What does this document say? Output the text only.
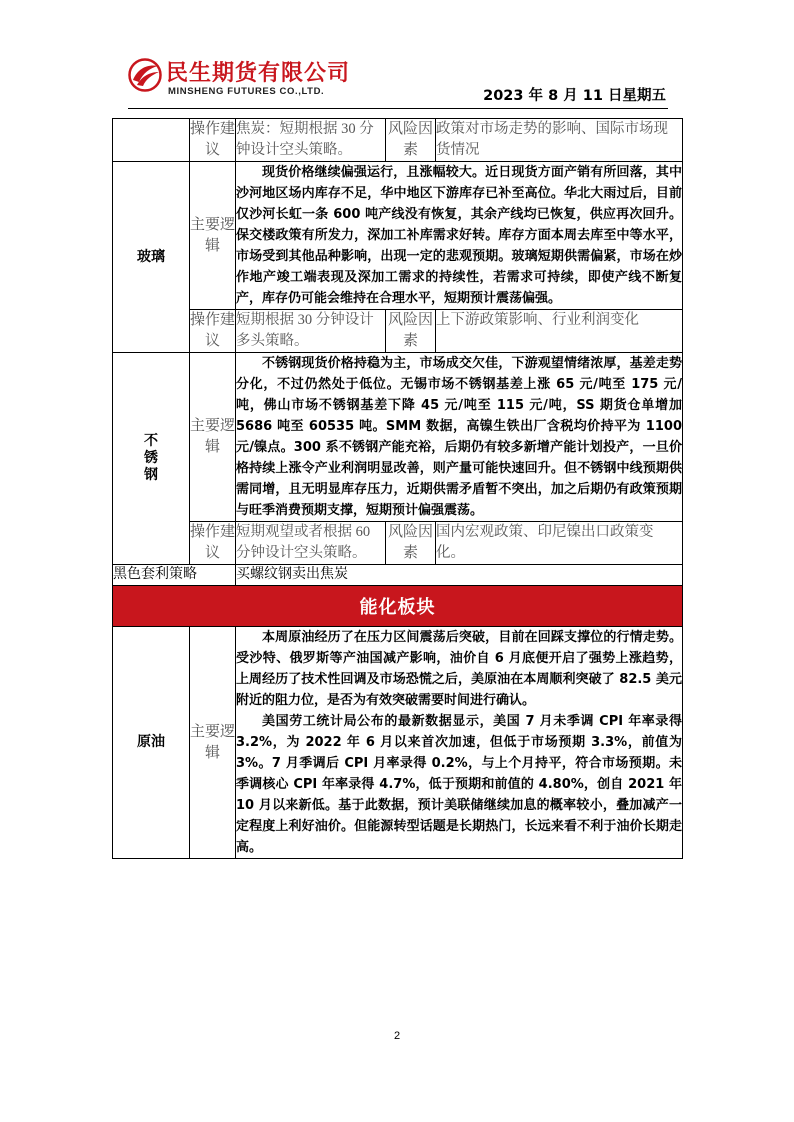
民生期货有限公司
MINSHENG FUTURES CO.,LTD.	2023 年 8 月 11 日星期五
	操作建议	焦炭：短期根据 30 分钟设计空头策略。	风险因素	政策对市场走势的影响、国际市场现货情况
玻璃	主要逻辑	现货价格继续偏强运行，且涨幅较大。近日现货方面产销有所回落，其中沙河地区场内库存不足，华中地区下游库存已补至高位。华北大雨过后，目前仅沙河长虹一条 600 吨产线没有恢复，其余产线均已恢复，供应再次回升。保交楼政策有所发力，深加工补库需求好转。库存方面本周去库至中等水平，市场受到其他品种影响，出现一定的悲观预期。玻璃短期供需偏紧，市场在炒作地产竣工端表现及深加工需求的持续性，若需求可持续，即使产线不断复产，库存仍可能会维持在合理水平，短期预计震荡偏强。		

	操作建议	短期根据 30 分钟设计多头策略。	风险因素	上下游政策影响、行业利润变化
不锈钢	主要逻辑	不锈钢现货价格持稳为主，市场成交欠佳，下游观望情绪浓厚，基差走势分化，不过仍然处于低位。无锡市场不锈钢基差上涨 65 元/吨至 175 元/吨，佛山市场不锈钢基差下降 45 元/吨至 115 元/吨，SS 期货仓单增加 5686 吨至 60535 吨。SMM 数据，高镍生铁出厂含税均价持平为 1100 元/镍点。300 系不锈钢产能充裕，后期仍有较多新增产能计划投产，一旦价格持续上涨令产业利润明显改善，则产量可能快速回升。但不锈钢中线预期供需同增，且无明显库存压力，近期供需矛盾暂不突出，加之后期仍有政策预期与旺季消费预期支撑，短期预计偏强震荡。		

	操作建议	短期观望或者根据 60 分钟设计空头策略。	风险因素	国内宏观政策、印尼镍出口政策变化。
黑色套利策略		买螺纹钢卖出焦炭		
能化板块				
原油	主要逻辑	本周原油经历了在压力区间震荡后突破，目前在回踩支撑位的行情走势。受沙特、俄罗斯等产油国减产影响，油价自 6 月底便开启了强势上涨趋势，上周经历了技术性回调及市场恐慌之后，美原油在本周顺利突破了 82.5 美元附近的阻力位，是否为有效突破需要时间进行确认。

美国劳工统计局公布的最新数据显示，美国 7 月未季调 CPI 年率录得 3.2%，为 2022 年 6 月以来首次加速，但低于市场预期 3.3%，前值为 3%。7 月季调后 CPI 月率录得 0.2%，与上个月持平，符合市场预期。未季调核心 CPI 年率录得 4.7%，低于预期和前值的 4.80%，创自 2021 年 10 月以来新低。基于此数据，预计美联储继续加息的概率较小，叠加减产一定程度上利好油价。但能源转型话题是长期热门，长远来看不利于油价长期走高。		

2
